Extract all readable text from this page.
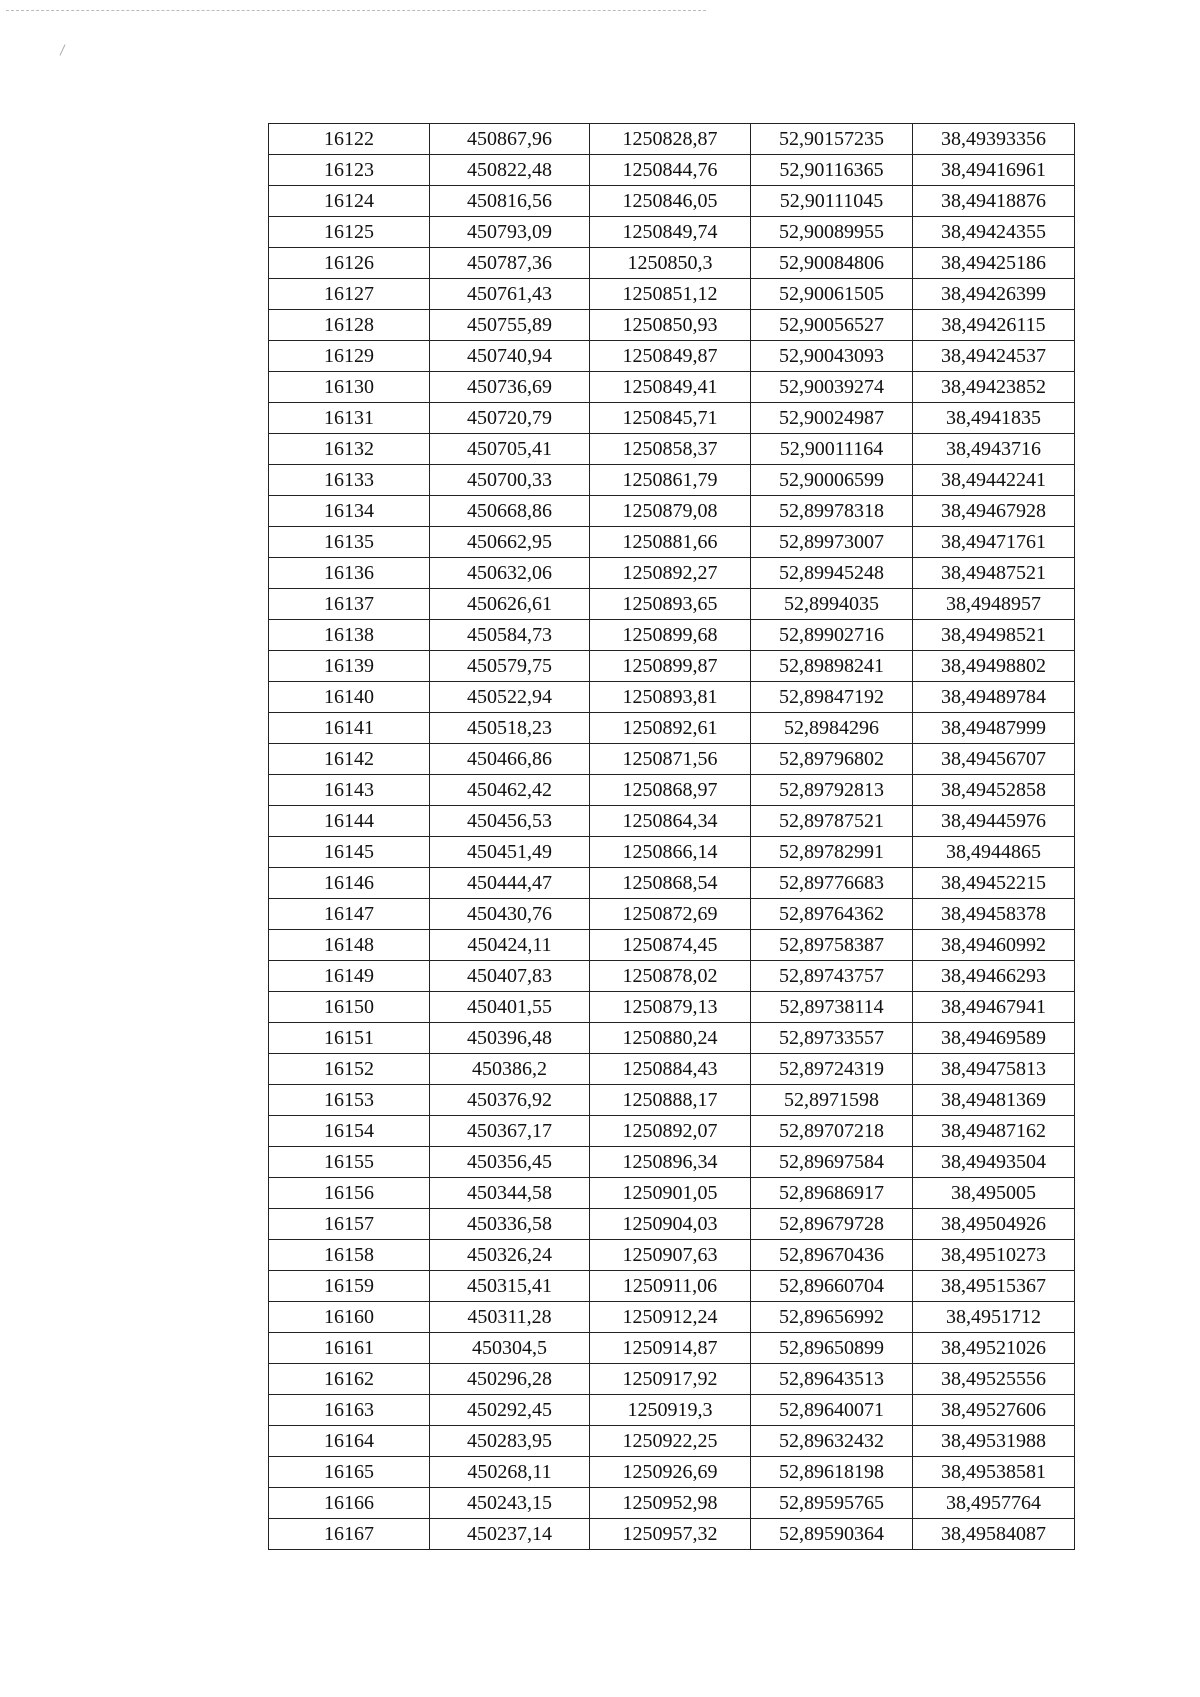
16122	450867,96	1250828,87	52,90157235	38,49393356
16123	450822,48	1250844,76	52,90116365	38,49416961
16124	450816,56	1250846,05	52,90111045	38,49418876
16125	450793,09	1250849,74	52,90089955	38,49424355
16126	450787,36	1250850,3	52,90084806	38,49425186
16127	450761,43	1250851,12	52,90061505	38,49426399
16128	450755,89	1250850,93	52,90056527	38,49426115
16129	450740,94	1250849,87	52,90043093	38,49424537
16130	450736,69	1250849,41	52,90039274	38,49423852
16131	450720,79	1250845,71	52,90024987	38,4941835
16132	450705,41	1250858,37	52,90011164	38,4943716
16133	450700,33	1250861,79	52,90006599	38,49442241
16134	450668,86	1250879,08	52,89978318	38,49467928
16135	450662,95	1250881,66	52,89973007	38,49471761
16136	450632,06	1250892,27	52,89945248	38,49487521
16137	450626,61	1250893,65	52,8994035	38,4948957
16138	450584,73	1250899,68	52,89902716	38,49498521
16139	450579,75	1250899,87	52,89898241	38,49498802
16140	450522,94	1250893,81	52,89847192	38,49489784
16141	450518,23	1250892,61	52,8984296	38,49487999
16142	450466,86	1250871,56	52,89796802	38,49456707
16143	450462,42	1250868,97	52,89792813	38,49452858
16144	450456,53	1250864,34	52,89787521	38,49445976
16145	450451,49	1250866,14	52,89782991	38,4944865
16146	450444,47	1250868,54	52,89776683	38,49452215
16147	450430,76	1250872,69	52,89764362	38,49458378
16148	450424,11	1250874,45	52,89758387	38,49460992
16149	450407,83	1250878,02	52,89743757	38,49466293
16150	450401,55	1250879,13	52,89738114	38,49467941
16151	450396,48	1250880,24	52,89733557	38,49469589
16152	450386,2	1250884,43	52,89724319	38,49475813
16153	450376,92	1250888,17	52,8971598	38,49481369
16154	450367,17	1250892,07	52,89707218	38,49487162
16155	450356,45	1250896,34	52,89697584	38,49493504
16156	450344,58	1250901,05	52,89686917	38,495005
16157	450336,58	1250904,03	52,89679728	38,49504926
16158	450326,24	1250907,63	52,89670436	38,49510273
16159	450315,41	1250911,06	52,89660704	38,49515367
16160	450311,28	1250912,24	52,89656992	38,4951712
16161	450304,5	1250914,87	52,89650899	38,49521026
16162	450296,28	1250917,92	52,89643513	38,49525556
16163	450292,45	1250919,3	52,89640071	38,49527606
16164	450283,95	1250922,25	52,89632432	38,49531988
16165	450268,11	1250926,69	52,89618198	38,49538581
16166	450243,15	1250952,98	52,89595765	38,4957764
16167	450237,14	1250957,32	52,89590364	38,49584087
